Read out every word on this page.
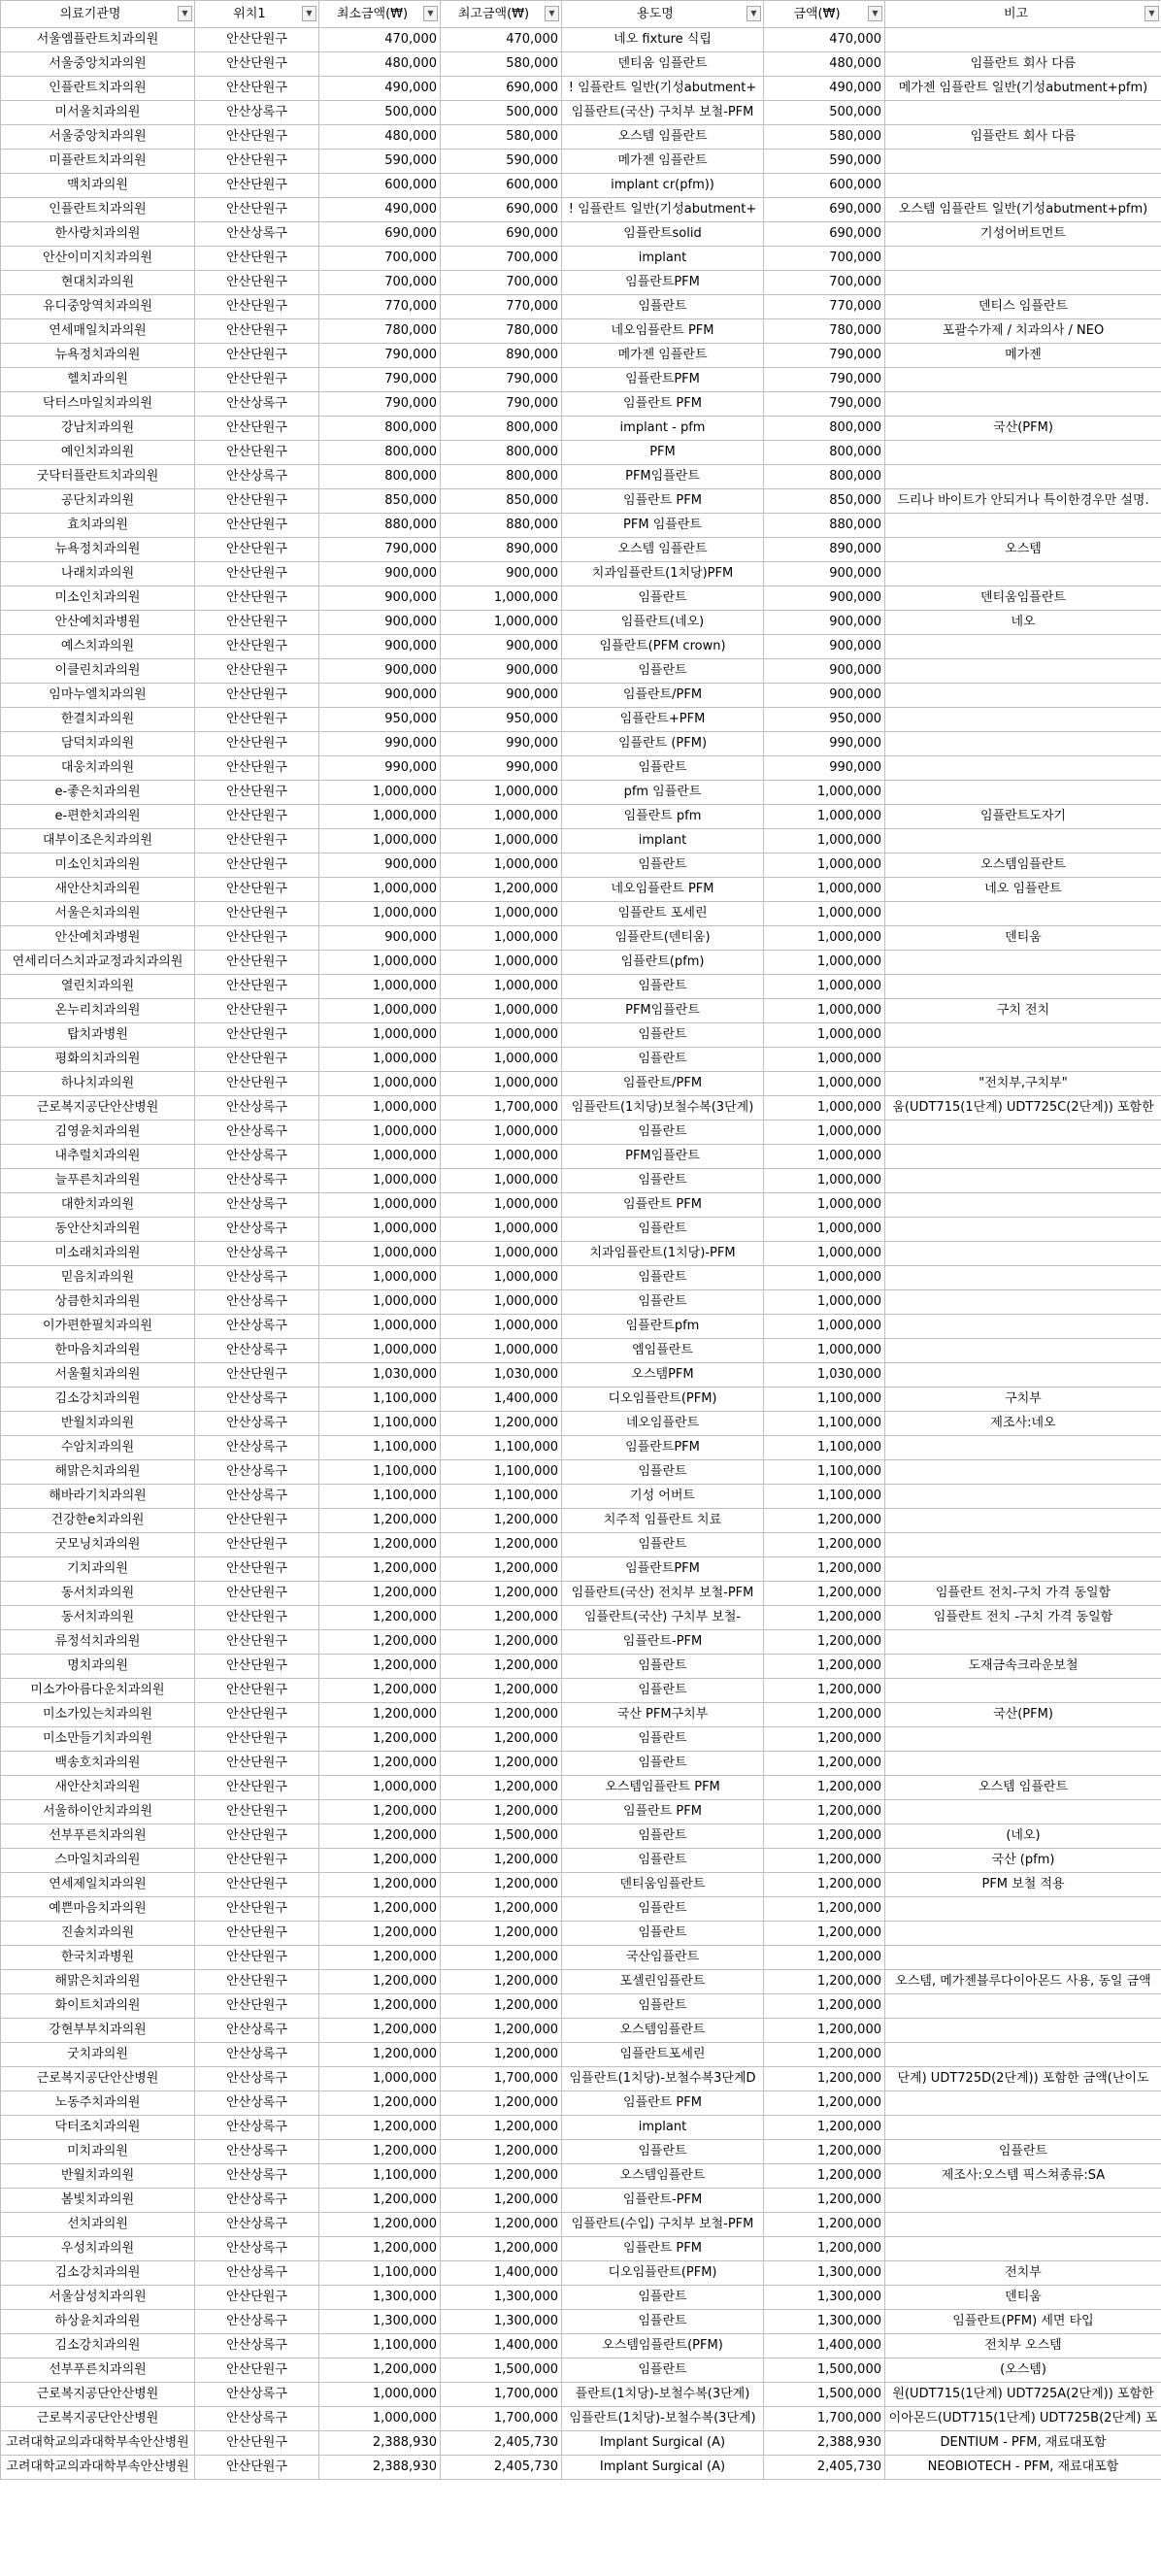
의료기관명 ▼	위치1 ▼	최소금액(₩) ▼	최고금액(₩) ▼	용도명 ▼	금액(₩) ▼	비고 ▼

서울엠플란트치과의원	안산단원구	470,000	470,000	네오 fixture 식립	470,000	
서울중앙치과의원	안산단원구	480,000	580,000	덴티움 임플란트	480,000	임플란트 회사 다름
인플란트치과의원	안산단원구	490,000	690,000	! 임플란트 일반(기성abutment+	490,000	메가젠 임플란트 일반(기성abutment+pfm)
미서울치과의원	안산상록구	500,000	500,000	임플란트(국산) 구치부 보철-PFM	500,000	
서울중앙치과의원	안산단원구	480,000	580,000	오스템 임플란트	580,000	임플란트 회사 다름
미플란트치과의원	안산단원구	590,000	590,000	메가젠 임플란트	590,000	
맥치과의원	안산단원구	600,000	600,000	implant cr(pfm))	600,000	
인플란트치과의원	안산단원구	490,000	690,000	! 임플란트 일반(기성abutment+	690,000	오스템 임플란트 일반(기성abutment+pfm)
한사랑치과의원	안산상록구	690,000	690,000	임플란트solid	690,000	기성어버트먼트
안산이미지치과의원	안산단원구	700,000	700,000	implant	700,000	
현대치과의원	안산단원구	700,000	700,000	임플란트PFM	700,000	
유디중앙역치과의원	안산단원구	770,000	770,000	임플란트	770,000	덴티스 임플란트
연세매일치과의원	안산단원구	780,000	780,000	네오임플란트 PFM	780,000	포괄수가제 / 치과의사 / NEO
뉴욕정치과의원	안산단원구	790,000	890,000	메가젠 임플란트	790,000	메가젠
헬치과의원	안산단원구	790,000	790,000	임플란트PFM	790,000	
닥터스마일치과의원	안산상록구	790,000	790,000	임플란트 PFM	790,000	
강남치과의원	안산단원구	800,000	800,000	implant - pfm	800,000	국산(PFM)
예인치과의원	안산단원구	800,000	800,000	PFM	800,000	
굿닥터플란트치과의원	안산상록구	800,000	800,000	PFM임플란트	800,000	
공단치과의원	안산단원구	850,000	850,000	임플란트 PFM	850,000	드리나 바이트가 안되거나 특이한경우만 설명.
효치과의원	안산단원구	880,000	880,000	PFM 임플란트	880,000	
뉴욕정치과의원	안산단원구	790,000	890,000	오스템 임플란트	890,000	오스템
나래치과의원	안산단원구	900,000	900,000	치과임플란트(1치당)PFM	900,000	
미소인치과의원	안산단원구	900,000	1,000,000	임플란트	900,000	덴티움임플란트
안산예치과병원	안산단원구	900,000	1,000,000	임플란트(네오)	900,000	네오
예스치과의원	안산단원구	900,000	900,000	임플란트(PFM crown)	900,000	
이클린치과의원	안산단원구	900,000	900,000	임플란트	900,000	
임마누엘치과의원	안산단원구	900,000	900,000	임플란트/PFM	900,000	
한결치과의원	안산단원구	950,000	950,000	임플란트+PFM	950,000	
담덕치과의원	안산단원구	990,000	990,000	임플란트 (PFM)	990,000	
대웅치과의원	안산단원구	990,000	990,000	임플란트	990,000	
e-좋은치과의원	안산단원구	1,000,000	1,000,000	pfm 임플란트	1,000,000	
e-편한치과의원	안산단원구	1,000,000	1,000,000	임플란트 pfm	1,000,000	임플란트도자기
대부이조은치과의원	안산단원구	1,000,000	1,000,000	implant	1,000,000	
미소인치과의원	안산단원구	900,000	1,000,000	임플란트	1,000,000	오스템임플란트
새안산치과의원	안산단원구	1,000,000	1,200,000	네오임플란트 PFM	1,000,000	네오 임플란트
서울은치과의원	안산단원구	1,000,000	1,000,000	임플란트 포세린	1,000,000	
안산예치과병원	안산단원구	900,000	1,000,000	임플란트(덴티움)	1,000,000	덴티움
연세리더스치과교정과치과의원	안산단원구	1,000,000	1,000,000	임플란트(pfm)	1,000,000	
열린치과의원	안산단원구	1,000,000	1,000,000	임플란트	1,000,000	
온누리치과의원	안산단원구	1,000,000	1,000,000	PFM임플란트	1,000,000	구치 전치
탑치과병원	안산단원구	1,000,000	1,000,000	임플란트	1,000,000	
평화의치과의원	안산단원구	1,000,000	1,000,000	임플란트	1,000,000	
하나치과의원	안산단원구	1,000,000	1,000,000	임플란트/PFM	1,000,000	"전치부,구치부"
근로복지공단안산병원	안산상록구	1,000,000	1,700,000	임플란트(1치당)보철수복(3단계)	1,000,000	움(UDT715(1단계) UDT725C(2단계)) 포함한
김영윤치과의원	안산상록구	1,000,000	1,000,000	임플란트	1,000,000	
내추럴치과의원	안산상록구	1,000,000	1,000,000	PFM임플란트	1,000,000	
늘푸른치과의원	안산상록구	1,000,000	1,000,000	임플란트	1,000,000	
대한치과의원	안산상록구	1,000,000	1,000,000	임플란트 PFM	1,000,000	
동안산치과의원	안산상록구	1,000,000	1,000,000	임플란트	1,000,000	
미소래치과의원	안산상록구	1,000,000	1,000,000	치과임플란트(1치당)-PFM	1,000,000	
믿음치과의원	안산상록구	1,000,000	1,000,000	임플란트	1,000,000	
상큼한치과의원	안산상록구	1,000,000	1,000,000	임플란트	1,000,000	
이가편한필치과의원	안산상록구	1,000,000	1,000,000	임플란트pfm	1,000,000	
한마음치과의원	안산상록구	1,000,000	1,000,000	엠임플란트	1,000,000	
서울휠치과의원	안산단원구	1,030,000	1,030,000	오스템PFM	1,030,000	
김소강치과의원	안산상록구	1,100,000	1,400,000	디오임플란트(PFM)	1,100,000	구치부
반월치과의원	안산상록구	1,100,000	1,200,000	네오임플란트	1,100,000	제조사:네오
수암치과의원	안산상록구	1,100,000	1,100,000	임플란트PFM	1,100,000	
해맑은치과의원	안산상록구	1,100,000	1,100,000	임플란트	1,100,000	
해바라기치과의원	안산상록구	1,100,000	1,100,000	기성 어버트	1,100,000	
건강한e치과의원	안산단원구	1,200,000	1,200,000	치주적 임플란트 치료	1,200,000	
굿모닝치과의원	안산단원구	1,200,000	1,200,000	임플란트	1,200,000	
기치과의원	안산단원구	1,200,000	1,200,000	임플란트PFM	1,200,000	
동서치과의원	안산단원구	1,200,000	1,200,000	임플란트(국산) 전치부 보철-PFM	1,200,000	임플란트 전치-구치 가격 동일함
동서치과의원	안산단원구	1,200,000	1,200,000	임플란트(국산) 구치부 보철-	1,200,000	임플란트 전치 -구치 가격 동일함
류정석치과의원	안산단원구	1,200,000	1,200,000	임플란트-PFM	1,200,000	
명치과의원	안산단원구	1,200,000	1,200,000	임플란트	1,200,000	도재금속크라운보철
미소가아름다운치과의원	안산단원구	1,200,000	1,200,000	임플란트	1,200,000	
미소가있는치과의원	안산단원구	1,200,000	1,200,000	국산 PFM구치부	1,200,000	국산(PFM)
미소만들기치과의원	안산단원구	1,200,000	1,200,000	임플란트	1,200,000	
백송호치과의원	안산단원구	1,200,000	1,200,000	임플란트	1,200,000	
새안산치과의원	안산단원구	1,000,000	1,200,000	오스템임플란트 PFM	1,200,000	오스템 임플란트
서울하이안치과의원	안산단원구	1,200,000	1,200,000	임플란트 PFM	1,200,000	
선부푸른치과의원	안산단원구	1,200,000	1,500,000	임플란트	1,200,000	(네오)
스마일치과의원	안산단원구	1,200,000	1,200,000	임플란트	1,200,000	국산 (pfm)
연세제일치과의원	안산단원구	1,200,000	1,200,000	덴티움임플란트	1,200,000	PFM 보철 적용
예쁜마음치과의원	안산단원구	1,200,000	1,200,000	임플란트	1,200,000	
진솔치과의원	안산단원구	1,200,000	1,200,000	임플란트	1,200,000	
한국치과병원	안산단원구	1,200,000	1,200,000	국산임플란트	1,200,000	
해맑은치과의원	안산단원구	1,200,000	1,200,000	포셀린임플란트	1,200,000	오스템, 메가젠블루다이아몬드 사용, 동일 금액
화이트치과의원	안산단원구	1,200,000	1,200,000	임플란트	1,200,000	
강현부부치과의원	안산상록구	1,200,000	1,200,000	오스템임플란트	1,200,000	
굿치과의원	안산상록구	1,200,000	1,200,000	임플란트포세린	1,200,000	
근로복지공단안산병원	안산상록구	1,000,000	1,700,000	임플란트(1치당)-보철수복3단계D	1,200,000	단계) UDT725D(2단계)) 포함한 금액(난이도
노동주치과의원	안산상록구	1,200,000	1,200,000	임플란트 PFM	1,200,000	
닥터조치과의원	안산상록구	1,200,000	1,200,000	implant	1,200,000	
미치과의원	안산상록구	1,200,000	1,200,000	임플란트	1,200,000	임플란트
반월치과의원	안산상록구	1,100,000	1,200,000	오스템임플란트	1,200,000	제조사:오스템 픽스쳐종류:SA
봄빛치과의원	안산상록구	1,200,000	1,200,000	임플란트-PFM	1,200,000	
선치과의원	안산상록구	1,200,000	1,200,000	임플란트(수입) 구치부 보철-PFM	1,200,000	
우성치과의원	안산상록구	1,200,000	1,200,000	임플란트 PFM	1,200,000	
김소강치과의원	안산상록구	1,100,000	1,400,000	디오임플란트(PFM)	1,300,000	전치부
서울삼성치과의원	안산단원구	1,300,000	1,300,000	임플란트	1,300,000	덴티움
하상윤치과의원	안산상록구	1,300,000	1,300,000	임플란트	1,300,000	임플란트(PFM) 세면 타입
김소강치과의원	안산상록구	1,100,000	1,400,000	오스템임플란트(PFM)	1,400,000	전치부 오스템
선부푸른치과의원	안산단원구	1,200,000	1,500,000	임플란트	1,500,000	(오스템)
근로복지공단안산병원	안산상록구	1,000,000	1,700,000	플란트(1치당)-보철수복(3단계)	1,500,000	원(UDT715(1단계) UDT725A(2단계)) 포함한
근로복지공단안산병원	안산상록구	1,000,000	1,700,000	임플란트(1치당)-보철수복(3단계)	1,700,000	이아몬드(UDT715(1단계) UDT725B(2단계) 포
고려대학교의과대학부속안산병원	안산단원구	2,388,930	2,405,730	Implant Surgical (A)	2,388,930	DENTIUM - PFM, 재료대포함
고려대학교의과대학부속안산병원	안산단원구	2,388,930	2,405,730	Implant Surgical (A)	2,405,730	NEOBIOTECH - PFM, 재료대포함
